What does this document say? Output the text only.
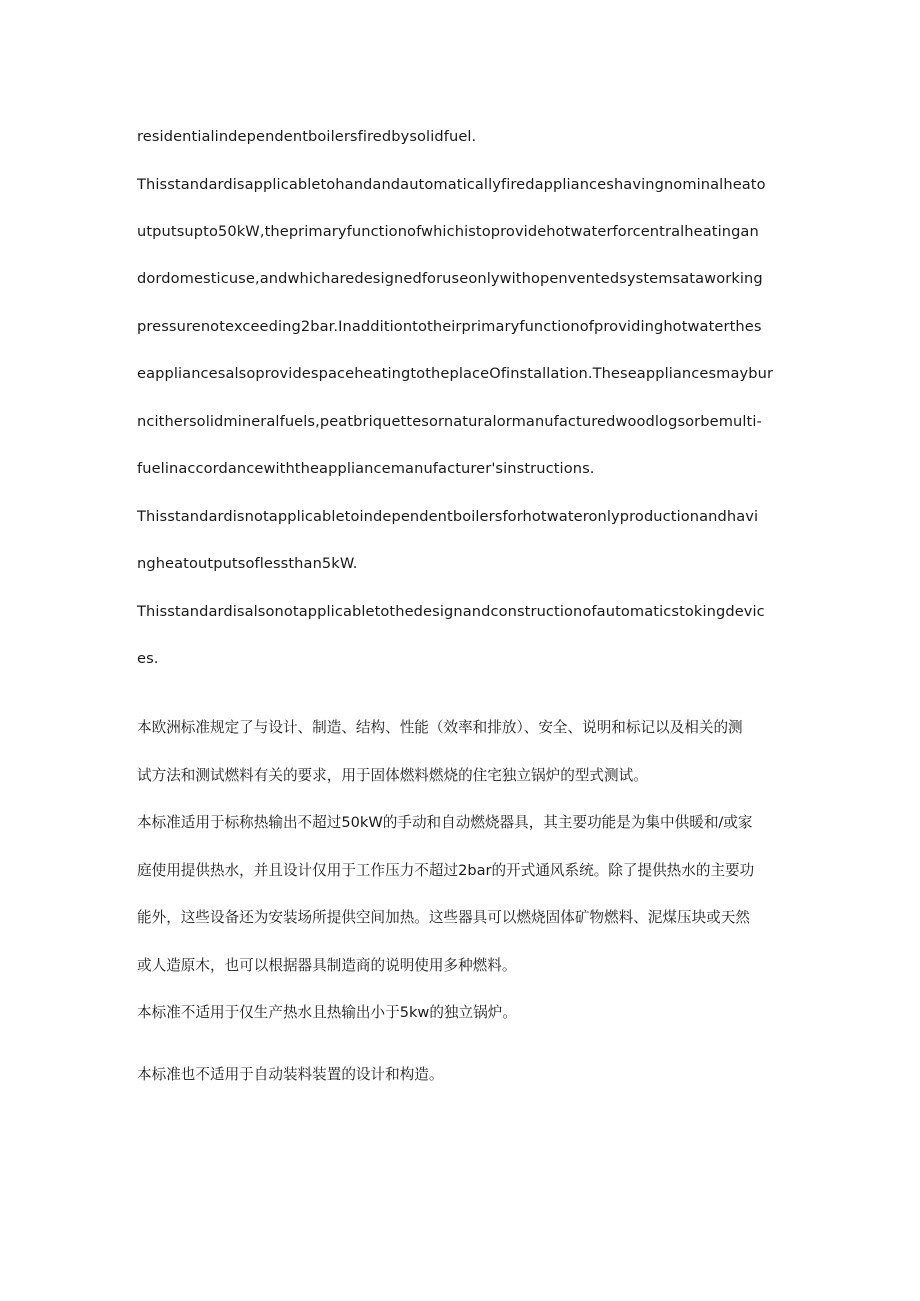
residentialindependentboilersfiredbysolidfuel.
Thisstandardisapplicabletohandandautomaticallyfiredapplianceshavingnominalheato
utputsupto50kW,theprimaryfunctionofwhichistoprovidehotwaterforcentralheatingan
dordomesticuse,andwhicharedesignedforuseonlywithopenventedsystemsataworking
pressurenotexceeding2bar.Inadditiontotheirprimaryfunctionofprovidinghotwaterthes
eappliancesalsoprovidespaceheatingtotheplaceOfinstallation.Theseappliancesmaybur
ncithersolidmineralfuels,peatbriquettesornaturalormanufacturedwoodlogsorbemulti-
fuelinaccordancewiththeappliancemanufacturer'sinstructions.
Thisstandardisnotapplicabletoindependentboilersforhotwateronlyproductionandhavi
ngheatoutputsoflessthan5kW.
Thisstandardisalsonotapplicabletothedesignandconstructionofautomaticstokingdevic
es.
本欧洲标准规定了与设计、制造、结构、性能（效率和排放）、安全、说明和标记以及相关的测
试方法和测试燃料有关的要求，用于固体燃料燃烧的住宅独立锅炉的型式测试。
本标准适用于标称热输出不超过50kW的手动和自动燃烧器具，其主要功能是为集中供暖和/或家
庭使用提供热水，并且设计仅用于工作压力不超过2bar的开式通风系统。除了提供热水的主要功
能外，这些设备还为安装场所提供空间加热。这些器具可以燃烧固体矿物燃料、泥煤压块或天然
或人造原木，也可以根据器具制造商的说明使用多种燃料。
本标准不适用于仅生产热水且热输出小于5kw的独立锅炉。
本标准也不适用于自动装料装置的设计和构造。
